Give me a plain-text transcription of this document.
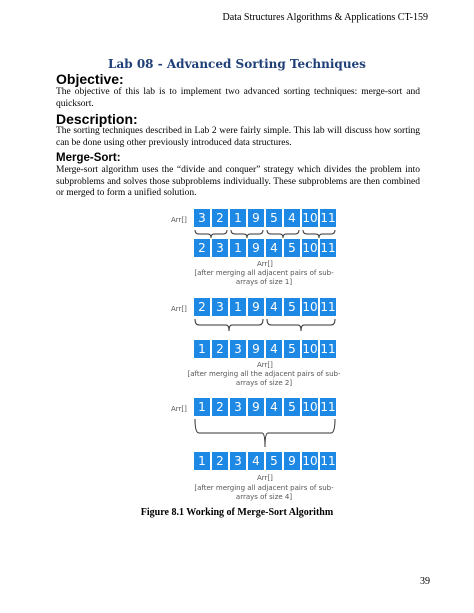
Data Structures Algorithms & Applications CT-159
Lab 08 - Advanced Sorting Techniques
Objective:
The objective of this lab is to implement two advanced sorting techniques: merge-sort and quicksort.
Description:
The sorting techniques described in Lab 2 were fairly simple. This lab will discuss how sorting can be done using other previously introduced data structures.
Merge-Sort:
Merge-sort algorithm uses the “divide and conquer” strategy which divides the problem into subproblems and solves those subproblems individually. These subproblems are then combined or merged to form a unified solution.
Arr[] 3 2 1 9 5 4 10 11
2 3 1 9 4 5 10 11
Arr[]
[after merging all adjacent pairs of sub-arrays of size 1]
Arr[] 2 3 1 9 4 5 10 11
1 2 3 9 4 5 10 11
Arr[]
[after merging all the adjacent pairs of sub-arrays of size 2]
Arr[] 1 2 3 9 4 5 10 11
1 2 3 4 5 9 10 11
Arr[]
[after merging all adjacent pairs of sub-arrays of size 4]
Figure 8.1 Working of Merge-Sort Algorithm
39
